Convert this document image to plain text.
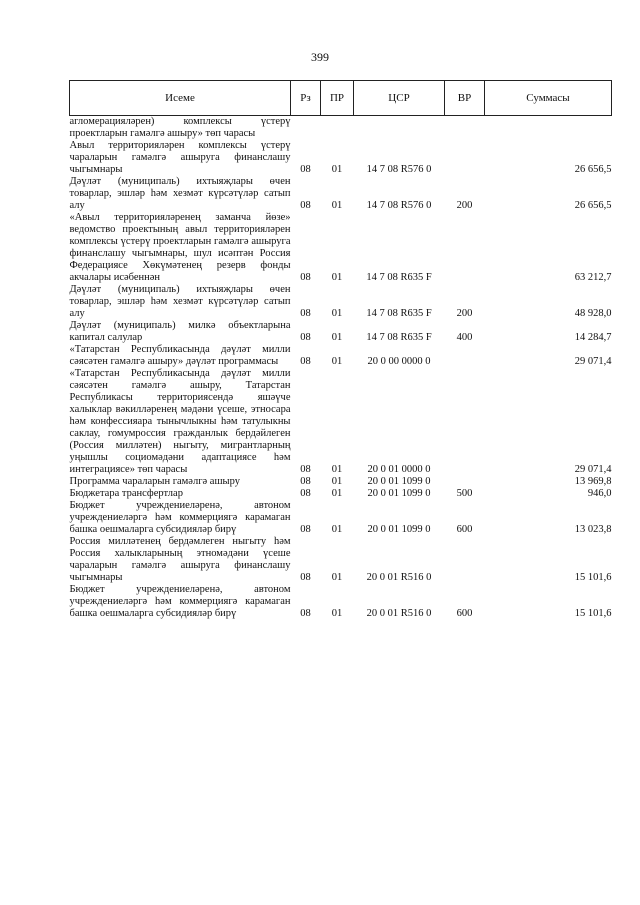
399
Исеме	Рз	ПР	ЦСР	ВР	Суммасы
агломерацияләрен) комплексы үстерү проектларын гамәлгә ашыру» төп чарасы					
Авыл территорияләрен комплексы үстерү чараларын гамәлгә ашыруга финанслашу чыгымнары	08	01	14 7 08 R576 0		26 656,5
Дәүләт (муниципаль) ихтыяҗлары өчен товарлар, эшләр һәм хезмәт күрсәтүләр сатып алу	08	01	14 7 08 R576 0	200	26 656,5
«Авыл территорияләренең заманча йөзе» ведомство проектының авыл территорияләрен комплексы үстерү проектларын гамәлгә ашыруга финанслашу чыгымнары, шул исәптән Россия Федерациясе Хөкүмәтенең резерв фонды акчалары исәбеннән	08	01	14 7 08 R635 F		63 212,7
Дәүләт (муниципаль) ихтыяҗлары өчен товарлар, эшләр һәм хезмәт күрсәтүләр сатып алу	08	01	14 7 08 R635 F	200	48 928,0
Дәүләт (муниципаль) милкә объектларына капитал салулар	08	01	14 7 08 R635 F	400	14 284,7
«Татарстан Республикасында дәүләт милли сәясәтен гамәлгә ашыру» дәүләт программасы	08	01	20 0 00 0000 0		29 071,4
«Татарстан Республикасында дәүләт милли сәясәтен гамәлгә ашыру, Татарстан Республикасы территориясендә яшәүче халыклар вәкилләренең мәдәни үсеше, этносара һәм конфессияара тынычлыкны һәм татулыкны саклау, гомумроссия гражданлык бердәйлеген (Россия милләтен) ныгыту, мигрантларның уңышлы социомәдәни адаптациясе һәм интеграциясе» төп чарасы	08	01	20 0 01 0000 0		29 071,4
Программа чараларын гамәлгә ашыру	08	01	20 0 01 1099 0		13 969,8
Бюджетара трансфертлар	08	01	20 0 01 1099 0	500	946,0
Бюджет учреждениеләренә, автоном учреждениеләргә һәм коммерциягә карамаган башка оешмаларга субсидияләр бирү	08	01	20 0 01 1099 0	600	13 023,8
Россия милләтенең бердәмлеген ныгыту һәм Россия халыкларының этномәдәни үсеше чараларын гамәлгә ашыруга финанслашу чыгымнары	08	01	20 0 01 R516 0		15 101,6
Бюджет учреждениеләренә, автоном учреждениеләргә һәм коммерциягә карамаган башка оешмаларга субсидияләр бирү	08	01	20 0 01 R516 0	600	15 101,6
